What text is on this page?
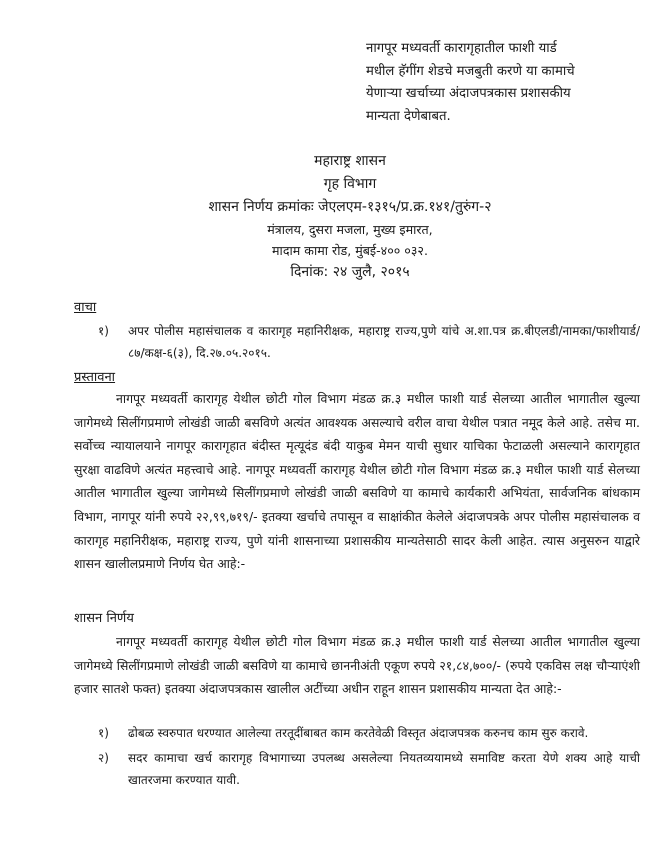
नागपूर मध्यवर्ती कारागृहातील फाशी यार्ड
मधील हॅगींग शेडचे मजबुती करणे या कामाचे
येणाऱ्या खर्चाच्या अंदाजपत्रकास प्रशासकीय
मान्यता देणेबाबत.
महाराष्ट्र शासन
गृह विभाग
शासन निर्णय क्रमांकः जेएलएम-१३१५/प्र.क्र.१४१/तुरुंग-२
मंत्रालय, दुसरा मजला, मुख्य इमारत,
मादाम कामा रोड, मुंबई-४०० ०३२.
दिनांक: २४ जुलै, २०१५
वाचा
१) अपर पोलीस महासंचालक व कारागृह महानिरीक्षक, महाराष्ट्र राज्य,पुणे यांचे अ.शा.पत्र क्र.बीएलडी/नामका/फाशीयार्ड/८७/कक्ष-६(३), दि.२७.०५.२०१५.
प्रस्तावना
नागपूर मध्यवर्ती कारागृह येथील छोटी गोल विभाग मंडळ क्र.३ मधील फाशी यार्ड सेलच्या आतील भागातील खुल्या जागेमध्ये सिलींगप्रमाणे लोखंडी जाळी बसविणे अत्यंत आवश्यक असल्याचे वरील वाचा येथील पत्रात नमूद केले आहे. तसेच मा. सर्वोच्च न्यायालयाने नागपूर कारागृहात बंदीस्त मृत्यूदंड बंदी याकुब मेमन याची सुधार याचिका फेटाळली असल्याने कारागृहात सुरक्षा वाढविणे अत्यंत महत्त्वाचे आहे. नागपूर मध्यवर्ती कारागृह येथील छोटी गोल विभाग मंडळ क्र.३ मधील फाशी यार्ड सेलच्या आतील भागातील खुल्या जागेमध्ये सिलींगप्रमाणे लोखंडी जाळी बसविणे या कामाचे कार्यकारी अभियंता, सार्वजनिक बांधकाम विभाग, नागपूर यांनी रुपये २२,९९,७१९/- इतक्या खर्चाचे तपासून व साक्षांकीत केलेले अंदाजपत्रके अपर पोलीस महासंचालक व कारागृह महानिरीक्षक, महाराष्ट्र राज्य, पुणे यांनी शासनाच्या प्रशासकीय मान्यतेसाठी सादर केली आहेत. त्यास अनुसरुन याद्वारे शासन खालीलप्रमाणे निर्णय घेत आहे:-
शासन निर्णय
नागपूर मध्यवर्ती कारागृह येथील छोटी गोल विभाग मंडळ क्र.३ मधील फाशी यार्ड सेलच्या आतील भागातील खुल्या जागेमध्ये सिलींगप्रमाणे लोखंडी जाळी बसविणे या कामाचे छाननीअंती एकूण रुपये २१,८४,७००/- (रुपये एकविस लक्ष चौऱ्याएंशी हजार सातशे फक्त) इतक्या अंदाजपत्रकास खालील अटींच्या अधीन राहून शासन प्रशासकीय मान्यता देत आहे:-
१) ढोबळ स्वरुपात धरण्यात आलेल्या तरतूदींबाबत काम करतेवेळी विस्तृत अंदाजपत्रक करुनच काम सुरु करावे.
२) सदर कामाचा खर्च कारागृह विभागाच्या उपलब्ध असलेल्या नियतव्ययामध्ये समाविष्ट करता येणे शक्य आहे याची खातरजमा करण्यात यावी.
